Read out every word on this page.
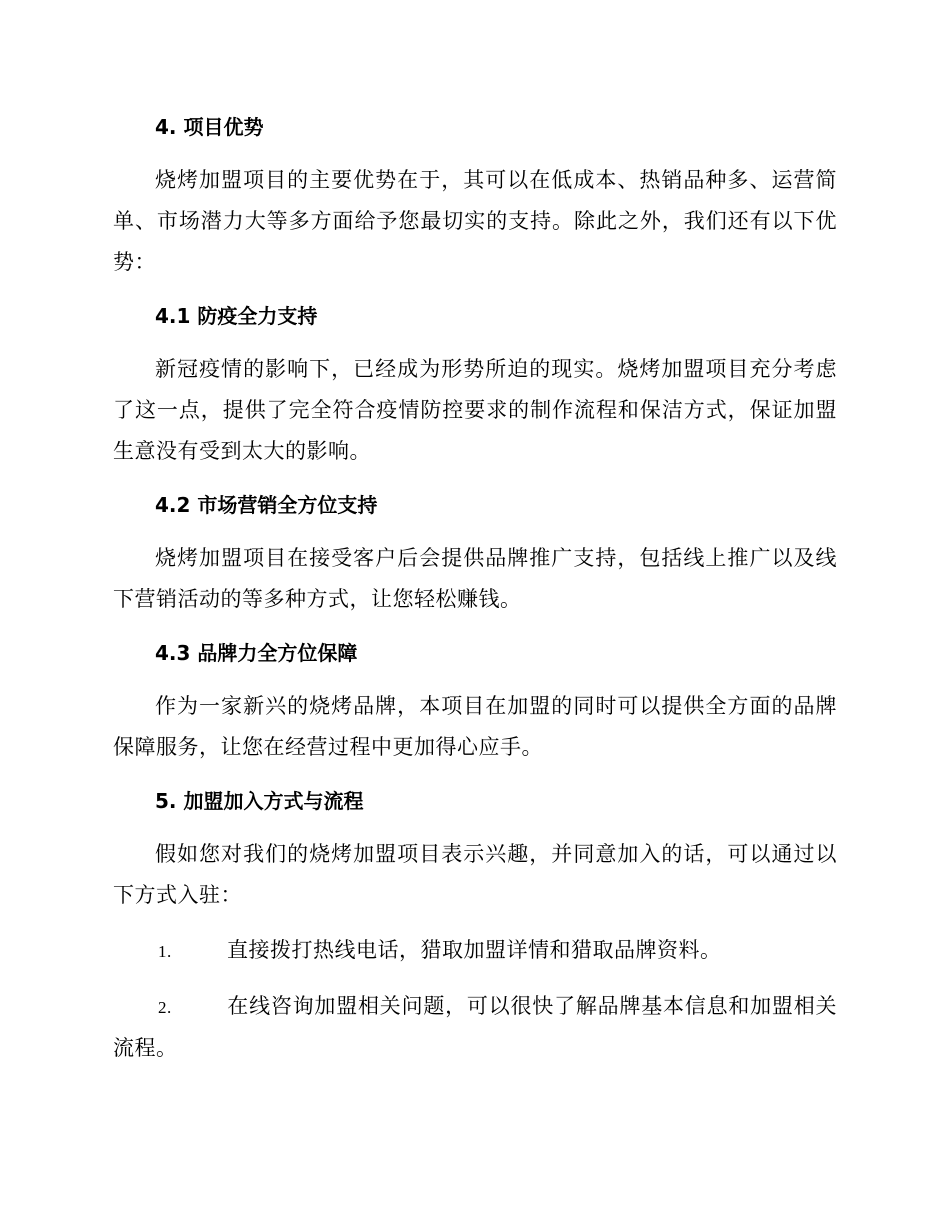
4. 项目优势
烧烤加盟项目的主要优势在于，其可以在低成本、热销品种多、运营简单、市场潜力大等多方面给予您最切实的支持。除此之外，我们还有以下优势：
4.1 防疫全力支持
新冠疫情的影响下，已经成为形势所迫的现实。烧烤加盟项目充分考虑了这一点，提供了完全符合疫情防控要求的制作流程和保洁方式，保证加盟生意没有受到太大的影响。
4.2 市场营销全方位支持
烧烤加盟项目在接受客户后会提供品牌推广支持，包括线上推广以及线下营销活动的等多种方式，让您轻松赚钱。
4.3 品牌力全方位保障
作为一家新兴的烧烤品牌，本项目在加盟的同时可以提供全方面的品牌保障服务，让您在经营过程中更加得心应手。
5. 加盟加入方式与流程
假如您对我们的烧烤加盟项目表示兴趣，并同意加入的话，可以通过以下方式入驻：
1.	直接拨打热线电话，猎取加盟详情和猎取品牌资料。
2.	在线咨询加盟相关问题，可以很快了解品牌基本信息和加盟相关流程。
